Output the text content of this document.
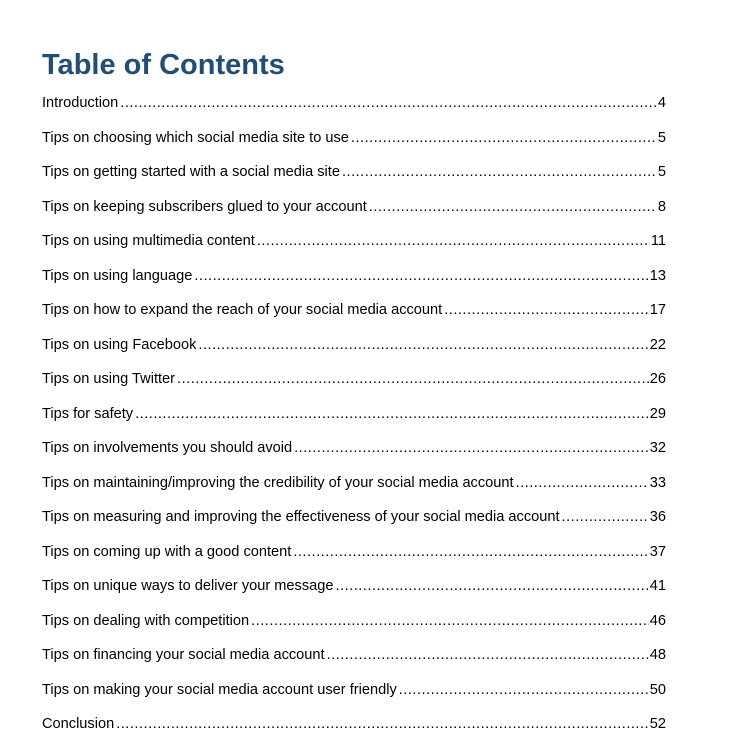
Table of Contents
Introduction .....	4
Tips on choosing which social media site to use .....	5
Tips on getting started with a social media site .....	5
Tips on keeping subscribers glued to your account .....	8
Tips on using multimedia content .....	11
Tips on using language .....	13
Tips on how to expand the reach of your social media account .....	17
Tips on using Facebook .....	22
Tips on using Twitter .....	26
Tips for safety .....	29
Tips on involvements you should avoid .....	32
Tips on maintaining/improving the credibility of your social media account .....	33
Tips on measuring and improving the effectiveness of your social media account .....	36
Tips on coming up with a good content .....	37
Tips on unique ways to deliver your message .....	41
Tips on dealing with competition .....	46
Tips on financing your social media account .....	48
Tips on making your social media account user friendly .....	50
Conclusion .....	52
